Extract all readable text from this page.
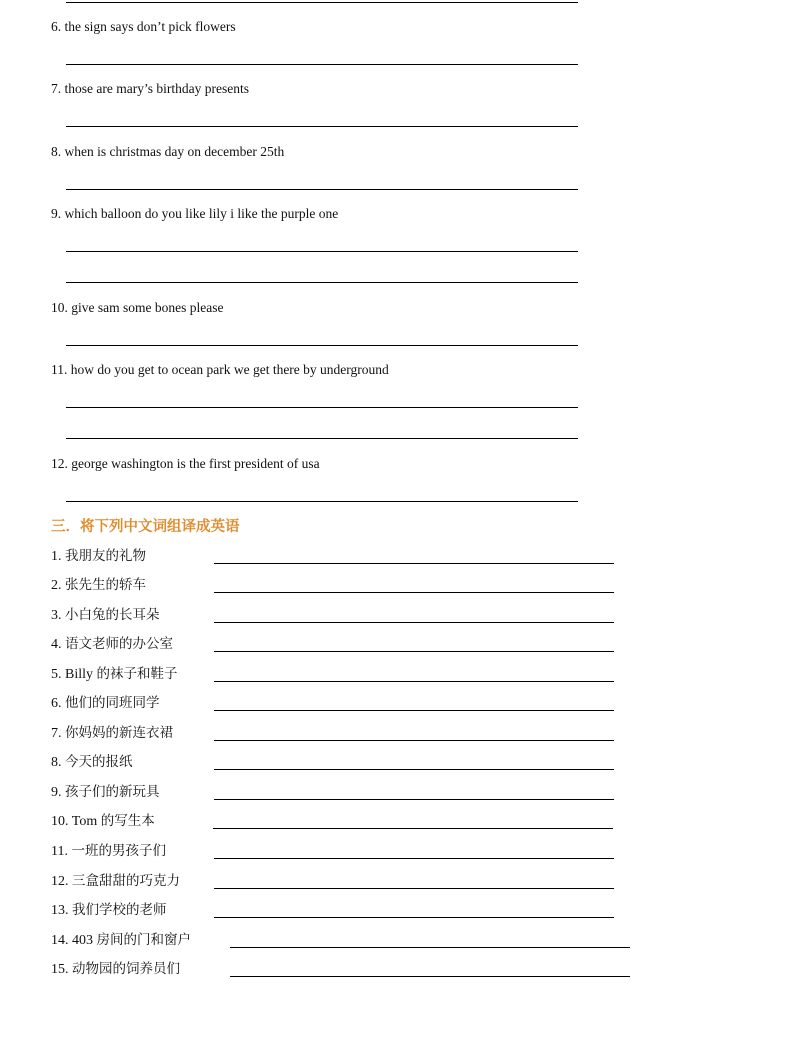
6. the sign says don’t pick flowers
7. those are mary’s birthday presents
8. when is christmas day on december 25th
9. which balloon do you like lily i like the purple one
10. give sam some bones please
11. how do you get to ocean park we get there by underground
12. george washington is the first president of usa
三．将下列中文词组译成英语
1. 我朋友的礼物
2. 张先生的轿车
3. 小白兔的长耳朵
4. 语文老师的办公室
5. Billy 的袜子和鞋子
6. 他们的同班同学
7. 你妈妈的新连衣裙
8. 今天的报纸
9. 孩子们的新玩具
10. Tom 的写生本
11. 一班的男孩子们
12. 三盒甜甜的巧克力
13. 我们学校的老师
14. 403 房间的门和窗户
15. 动物园的饲养员们
